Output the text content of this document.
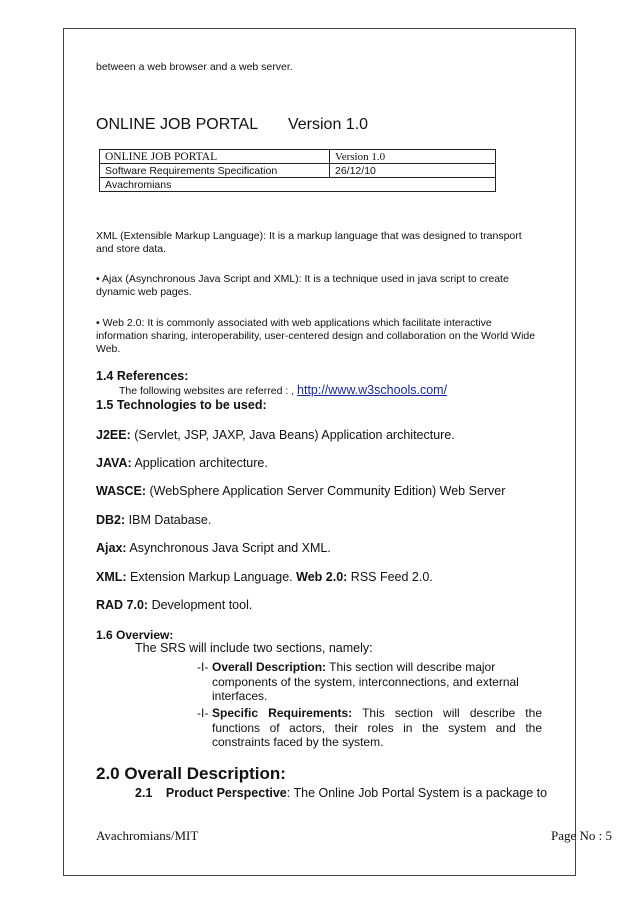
between a web browser and a web server.
ONLINE JOB PORTAL Version 1.0
ONLINE JOB PORTAL	Version 1.0
Software Requirements Specification	26/12/10
Avachromians	
XML (Extensible Markup Language): It is a markup language that was designed to transport and store data.
• Ajax (Asynchronous Java Script and XML): It is a technique used in java script to create dynamic web pages.
• Web 2.0: It is commonly associated with web applications which facilitate interactive information sharing, interoperability, user-centered design and collaboration on the World Wide Web.
1.4 References:
The following websites are referred : , http://www.w3schools.com/
1.5 Technologies to be used:
J2EE: (Servlet, JSP, JAXP, Java Beans) Application architecture.
JAVA: Application architecture.
WASCE: (WebSphere Application Server Community Edition) Web Server
DB2: IBM Database.
Ajax: Asynchronous Java Script and XML.
XML: Extension Markup Language. Web 2.0: RSS Feed 2.0.
RAD 7.0: Development tool.
1.6 Overview:
The SRS will include two sections, namely:
-I- Overall Description: This section will describe major components of the system, interconnections, and external interfaces.
-I- Specific Requirements: This section will describe the functions of actors, their roles in the system and the constraints faced by the system.
2.0 Overall Description:
2.1 Product Perspective: The Online Job Portal System is a package to
Avachromians/MIT	Page No : 5
